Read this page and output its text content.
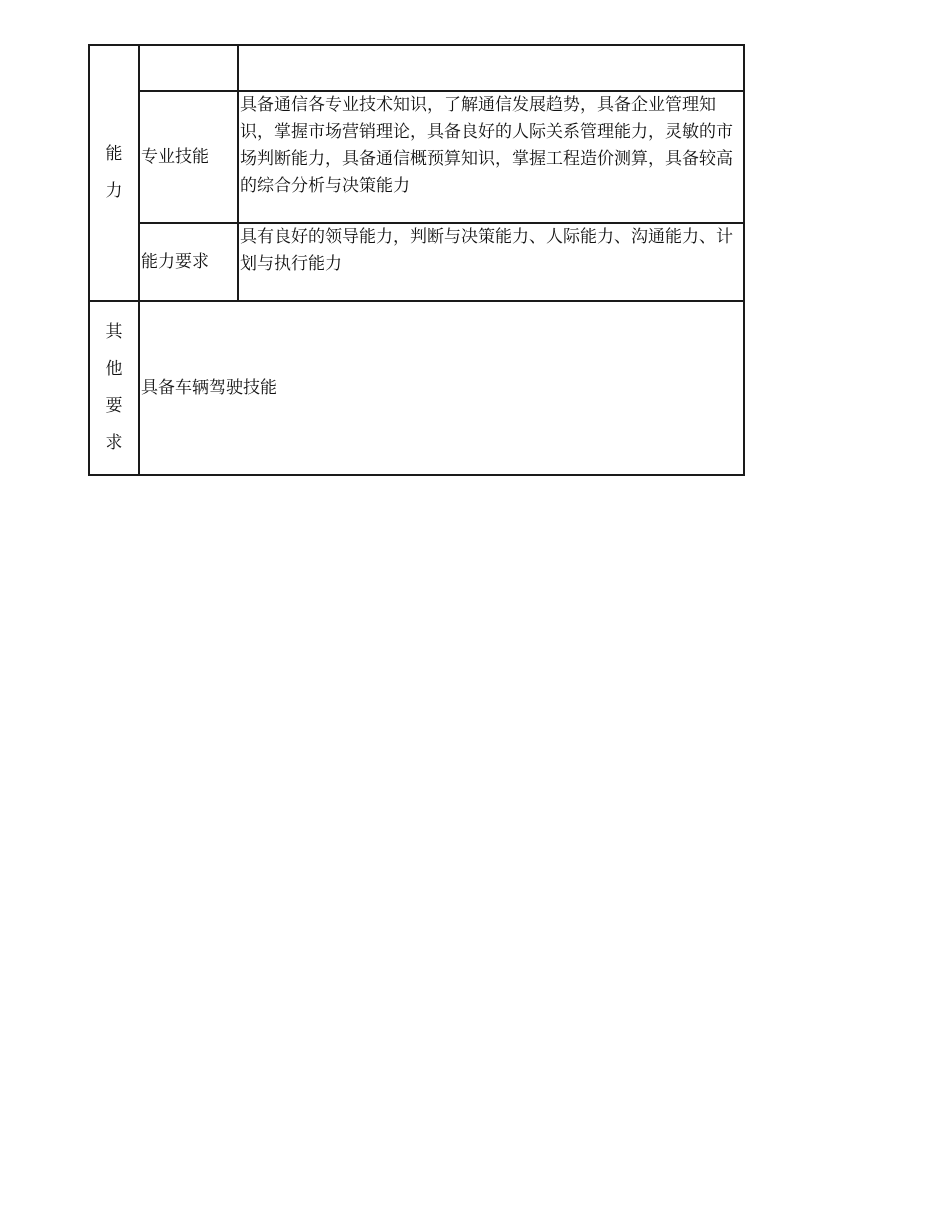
能力		
	专业技能	具备通信各专业技术知识，了解通信发展趋势，具备企业管理知识，掌握市场营销理论，具备良好的人际关系管理能力，灵敏的市场判断能力，具备通信概预算知识，掌握工程造价测算，具备较高的综合分析与决策能力
	能力要求	具有良好的领导能力，判断与决策能力、人际能力、沟通能力、计划与执行能力
其他要求	具备车辆驾驶技能	
